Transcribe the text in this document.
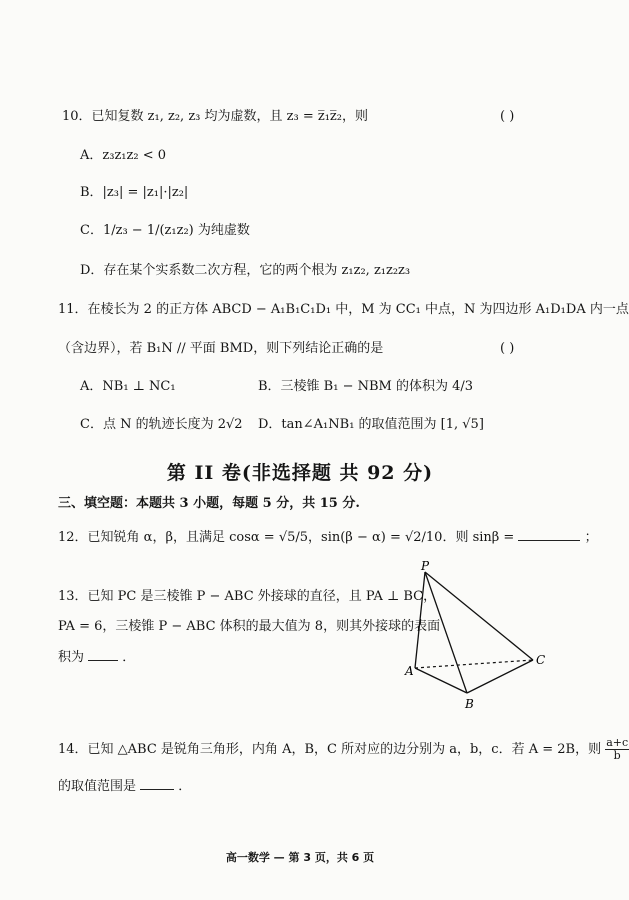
10．已知复数 z₁, z₂, z₃ 均为虚数，且 z₃ = z̅₁z̅₂，则	( )
A．z₃z₁z₂ < 0
B．|z₃| = |z₁|·|z₂|
C．1/z₃ − 1/(z₁z₂) 为纯虚数
D．存在某个实系数二次方程，它的两个根为 z₁z₂, z₁z₂z₃
11．在棱长为 2 的正方体 ABCD − A₁B₁C₁D₁ 中，M 为 CC₁ 中点，N 为四边形 A₁D₁DA 内一点
（含边界），若 B₁N // 平面 BMD，则下列结论正确的是	( )
A．NB₁ ⊥ NC₁	B．三棱锥 B₁ − NBM 的体积为 4/3
C．点 N 的轨迹长度为 2√2 D．tan∠A₁NB₁ 的取值范围为 [1, √5]
第 II 卷(非选择题 共 92 分)
三、填空题：本题共 3 小题，每题 5 分，共 15 分.
12．已知锐角 α，β，且满足 cosα = √5/5，sin(β − α) = √2/10．则 sinβ =	；
13．已知 PC 是三棱锥 P − ABC 外接球的直径，且 PA ⊥ BC，
PA = 6，三棱锥 P − ABC 体积的最大值为 8，则其外接球的表面
积为	．
P
A
B
C
14．已知 △ABC 是锐角三角形，内角 A，B，C 所对应的边分别为 a，b，c．若 A = 2B，则 $\frac{a+c}{b}$
的取值范围是	．
高一数学 — 第 3 页，共 6 页
